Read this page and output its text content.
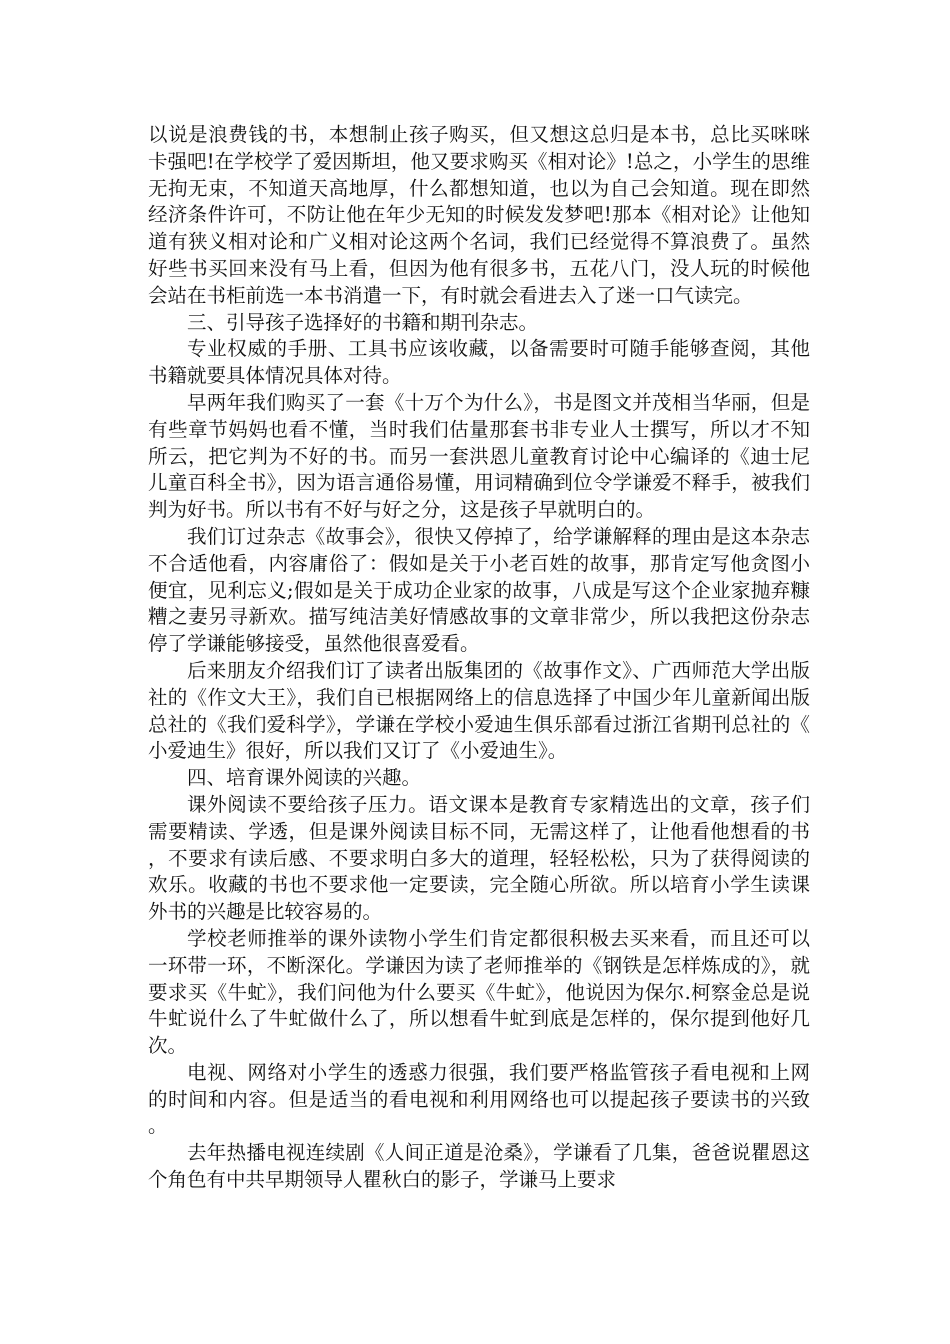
以说是浪费钱的书，本想制止孩子购买，但又想这总归是本书，总比买咪咪卡强吧!在学校学了爱因斯坦，他又要求购买《相对论》!总之，小学生的思维无拘无束，不知道天高地厚，什么都想知道，也以为自己会知道。现在即然经济条件许可，不防让他在年少无知的时候发发梦吧!那本《相对论》让他知道有狭义相对论和广义相对论这两个名词，我们已经觉得不算浪费了。虽然好些书买回来没有马上看，但因为他有很多书，五花八门，没人玩的时候他会站在书柜前选一本书消遣一下，有时就会看进去入了迷一口气读完。

三、引导孩子选择好的书籍和期刊杂志。

专业权威的手册、工具书应该收藏，以备需要时可随手能够查阅，其他书籍就要具体情况具体对待。

早两年我们购买了一套《十万个为什么》，书是图文并茂相当华丽，但是有些章节妈妈也看不懂，当时我们估量那套书非专业人士撰写，所以才不知所云，把它判为不好的书。而另一套洪恩儿童教育讨论中心编译的《迪士尼儿童百科全书》，因为语言通俗易懂，用词精确到位令学谦爱不释手，被我们判为好书。所以书有不好与好之分，这是孩子早就明白的。

我们订过杂志《故事会》，很快又停掉了，给学谦解释的理由是这本杂志不合适他看，内容庸俗了：假如是关于小老百姓的故事，那肯定写他贪图小便宜，见利忘义;假如是关于成功企业家的故事，八成是写这个企业家抛弃糠糟之妻另寻新欢。描写纯洁美好情感故事的文章非常少，所以我把这份杂志停了学谦能够接受，虽然他很喜爱看。

后来朋友介绍我们订了读者出版集团的《故事作文》、广西师范大学出版社的《作文大王》，我们自已根据网络上的信息选择了中国少年儿童新闻出版总社的《我们爱科学》，学谦在学校小爱迪生俱乐部看过浙江省期刊总社的《小爱迪生》很好，所以我们又订了《小爱迪生》。

四、培育课外阅读的兴趣。

课外阅读不要给孩子压力。语文课本是教育专家精选出的文章，孩子们需要精读、学透，但是课外阅读目标不同，无需这样了，让他看他想看的书，不要求有读后感、不要求明白多大的道理，轻轻松松，只为了获得阅读的欢乐。收藏的书也不要求他一定要读，完全随心所欲。所以培育小学生读课外书的兴趣是比较容易的。

学校老师推举的课外读物小学生们肯定都很积极去买来看，而且还可以一环带一环，不断深化。学谦因为读了老师推举的《钢铁是怎样炼成的》，就要求买《牛虻》，我们问他为什么要买《牛虻》，他说因为保尔.柯察金总是说牛虻说什么了牛虻做什么了，所以想看牛虻到底是怎样的，保尔提到他好几次。

电视、网络对小学生的透惑力很强，我们要严格监管孩子看电视和上网的时间和内容。但是适当的看电视和利用网络也可以提起孩子要读书的兴致。

去年热播电视连续剧《人间正道是沧桑》，学谦看了几集，爸爸说瞿恩这个角色有中共早期领导人瞿秋白的影子，学谦马上要求
